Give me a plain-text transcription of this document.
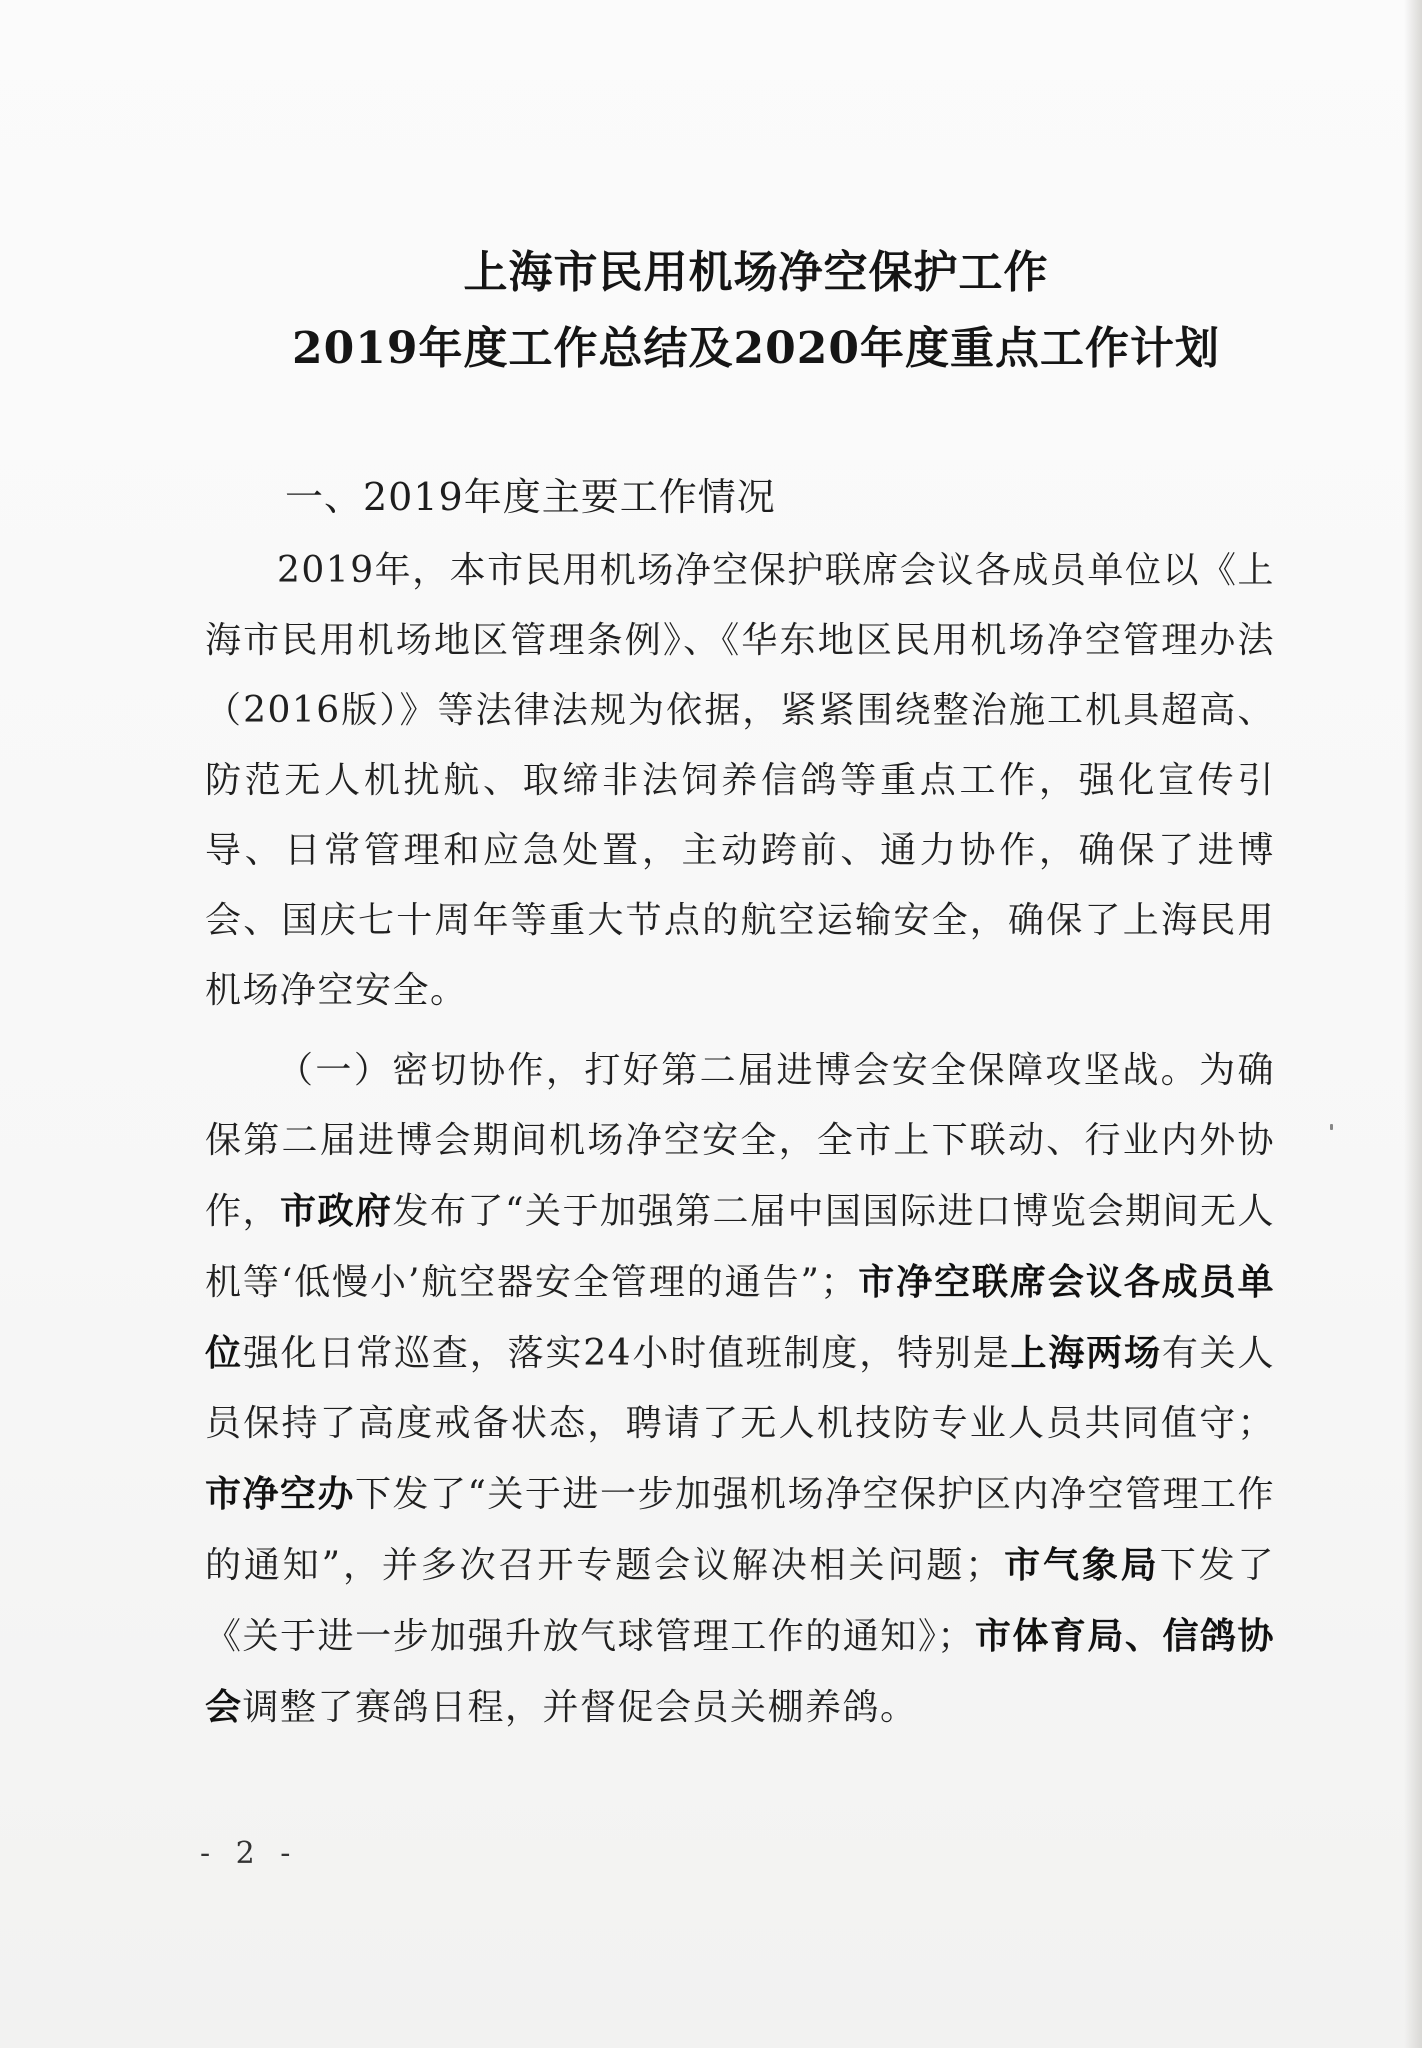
上海市民用机场净空保护工作
2019年度工作总结及2020年度重点工作计划
一、2019年度主要工作情况
2019年，本市民用机场净空保护联席会议各成员单位以《上海市民用机场地区管理条例》、《华东地区民用机场净空管理办法（2016版）》等法律法规为依据，紧紧围绕整治施工机具超高、防范无人机扰航、取缔非法饲养信鸽等重点工作，强化宣传引导、日常管理和应急处置，主动跨前、通力协作，确保了进博会、国庆七十周年等重大节点的航空运输安全，确保了上海民用机场净空安全。
（一）密切协作，打好第二届进博会安全保障攻坚战。为确保第二届进博会期间机场净空安全，全市上下联动、行业内外协作，市政府发布了“关于加强第二届中国国际进口博览会期间无人机等‘低慢小’航空器安全管理的通告”；市净空联席会议各成员单位强化日常巡查，落实24小时值班制度，特别是上海两场有关人员保持了高度戒备状态，聘请了无人机技防专业人员共同值守；市净空办下发了“关于进一步加强机场净空保护区内净空管理工作的通知”，并多次召开专题会议解决相关问题；市气象局下发了《关于进一步加强升放气球管理工作的通知》；市体育局、信鸽协会调整了赛鸽日程，并督促会员关棚养鸽。
- 2 -
